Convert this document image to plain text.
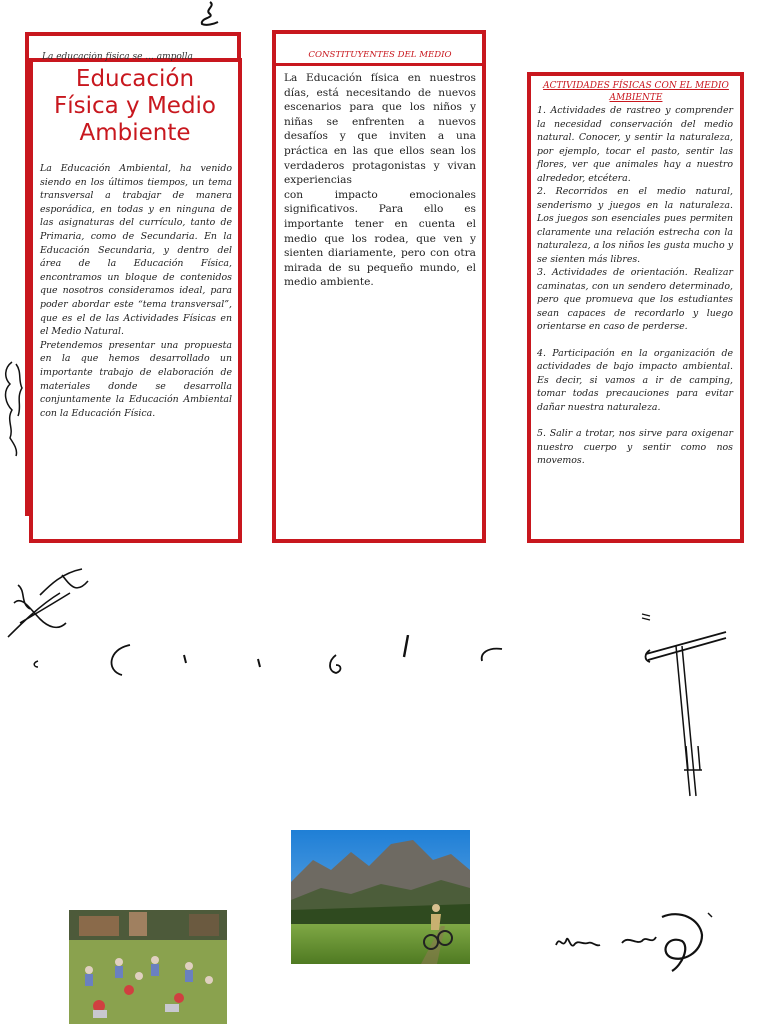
La educación física se ... ampolla
Educación
Física y Medio
Ambiente
La Educación Ambiental, ha venido siendo en los últimos tiempos, un tema transversal a trabajar de manera esporádica, en todas y en ninguna de las asignaturas del currículo, tanto de Primaria, como de Secundaria. En la Educación Secundaria, y dentro del área de la Educación Física, encontramos un bloque de contenidos que nosotros consideramos ideal, para poder abordar este “tema transversal”, que es el de las Actividades Físicas en el Medio Natural.
Pretendemos presentar una propuesta en la que hemos desarrollado un importante trabajo de elaboración de materiales donde se desarrolla conjuntamente la Educación Ambiental con la Educación Física.
CONSTITUYENTES DEL MEDIO
La Educación física en nuestros días, está necesitando de nuevos escenarios para que los niños y niñas se enfrenten a nuevos desafíos y que inviten a una práctica en las que ellos sean los verdaderos protagonistas y vivan experiencias
con impacto emocionales significativos. Para ello es importante tener en cuenta el medio que los rodea, que ven y sienten diariamente, pero con otra mirada de su pequeño mundo, el medio ambiente.
ACTIVIDADES FÍSICAS CON EL MEDIO AMBIENTE

1. Actividades de rastreo y comprender la necesidad conservación del medio natural. Conocer, y sentir la naturaleza, por ejemplo, tocar el pasto, sentir las flores, ver que animales hay a nuestro alrededor, etcétera.

2. Recorridos en el medio natural, senderismo y juegos en la naturaleza. Los juegos son esenciales pues permiten claramente una relación estrecha con la naturaleza, a los niños les gusta mucho y se sienten más libres.

3. Actividades de orientación. Realizar caminatas, con un sendero determinado, pero que promueva que los estudiantes sean capaces de recordarlo y luego orientarse en caso de perderse.

4. Participación en la organización de actividades de bajo impacto ambiental. Es decir, si vamos a ir de camping, tomar todas precauciones para evitar dañar nuestra naturaleza.

5. Salir a trotar, nos sirve para oxigenar nuestro cuerpo y sentir como nos movemos.
